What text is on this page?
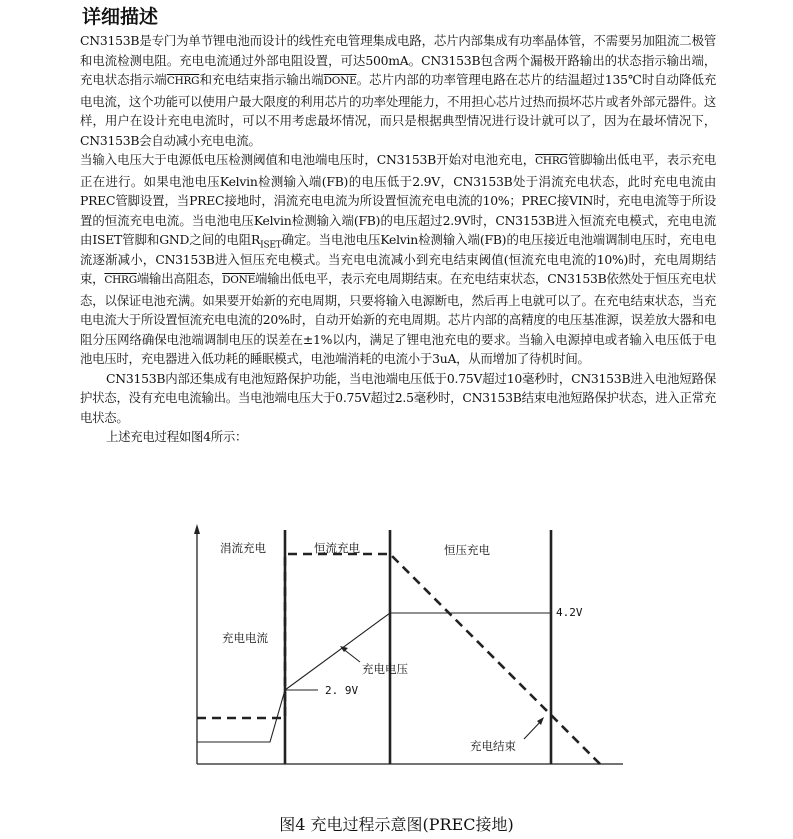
详细描述

CN3153B是专门为单节锂电池而设计的线性充电管理集成电路，芯片内部集成有功率晶体管，不需要另加阻流二极管和电流检测电阻。充电电流通过外部电阻设置，可达500mA。CN3153B包含两个漏极开路输出的状态指示输出端，充电状态指示端CHRG和充电结束指示输出端DONE。芯片内部的功率管理电路在芯片的结温超过135℃时自动降低充电电流，这个功能可以使用户最大限度的利用芯片的功率处理能力，不用担心芯片过热而损坏芯片或者外部元器件。这样，用户在设计充电电流时，可以不用考虑最坏情况，而只是根据典型情况进行设计就可以了，因为在最坏情况下，CN3153B会自动减小充电电流。

当输入电压大于电源低电压检测阈值和电池端电压时，CN3153B开始对电池充电，CHRG管脚输出低电平，表示充电正在进行。如果电池电压Kelvin检测输入端(FB)的电压低于2.9V，CN3153B处于涓流充电状态，此时充电电流由PREC管脚设置，当PREC接地时，涓流充电电流为所设置恒流充电电流的10%；PREC接VIN时，充电电流等于所设置的恒流充电电流。当电池电压Kelvin检测输入端(FB)的电压超过2.9V时，CN3153B进入恒流充电模式，充电电流由ISET管脚和GND之间的电阻$R_{ISET}$确定。当电池电压Kelvin检测输入端(FB)的电压接近电池端调制电压时，充电电流逐渐减小，CN3153B进入恒压充电模式。当充电电流减小到充电结束阈值(恒流充电电流的10%)时，充电周期结束，CHRG端输出高阻态，DONE端输出低电平，表示充电周期结束。在充电结束状态，CN3153B依然处于恒压充电状态，以保证电池充满。如果要开始新的充电周期，只要将输入电源断电，然后再上电就可以了。在充电结束状态，当充电电流大于所设置恒流充电电流的20%时，自动开始新的充电周期。芯片内部的高精度的电压基准源，误差放大器和电阻分压网络确保电池端调制电压的误差在±1%以内，满足了锂电池充电的要求。当输入电源掉电或者输入电压低于电池电压时，充电器进入低功耗的睡眠模式，电池端消耗的电流小于3uA，从而增加了待机时间。

CN3153B内部还集成有电池短路保护功能，当电池端电压低于0.75V超过10毫秒时，CN3153B进入电池短路保护状态，没有充电电流输出。当电池端电压大于0.75V超过2.5毫秒时，CN3153B结束电池短路保护状态，进入正常充电状态。

上述充电过程如图4所示：

涓流充电	恒流充电	恒压充电
充电电流
充电电压
2. 9V
4.2V
充电结束
图4 充电过程示意图(PREC接地)
